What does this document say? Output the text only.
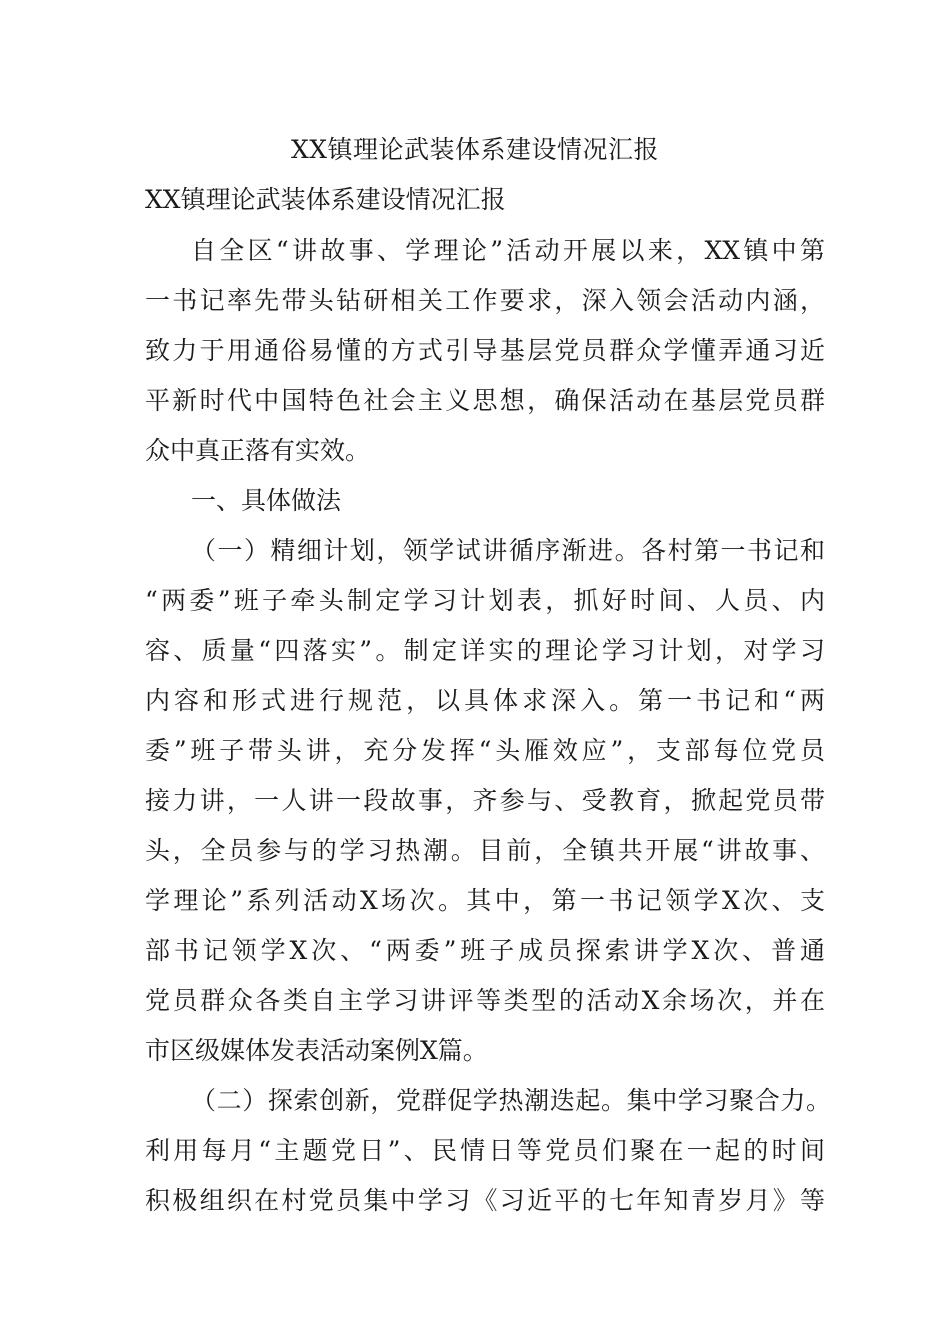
XX镇理论武装体系建设情况汇报
XX镇理论武装体系建设情况汇报
自全区“讲故事、学理论”活动开展以来，XX镇中第
一书记率先带头钻研相关工作要求，深入领会活动内涵，
致力于用通俗易懂的方式引导基层党员群众学懂弄通习近
平新时代中国特色社会主义思想，确保活动在基层党员群
众中真正落有实效。
一、具体做法
（一）精细计划，领学试讲循序渐进。各村第一书记和
“两委”班子牵头制定学习计划表，抓好时间、人员、内
容、质量“四落实”。制定详实的理论学习计划，对学习
内容和形式进行规范，以具体求深入。第一书记和“两
委”班子带头讲，充分发挥“头雁效应”，支部每位党员
接力讲，一人讲一段故事，齐参与、受教育，掀起党员带
头，全员参与的学习热潮。目前，全镇共开展“讲故事、
学理论”系列活动X场次。其中，第一书记领学X次、支
部书记领学X次、“两委”班子成员探索讲学X次、普通
党员群众各类自主学习讲评等类型的活动X余场次，并在
市区级媒体发表活动案例X篇。
（二）探索创新，党群促学热潮迭起。集中学习聚合力。
利用每月“主题党日”、民情日等党员们聚在一起的时间
积极组织在村党员集中学习《习近平的七年知青岁月》等
